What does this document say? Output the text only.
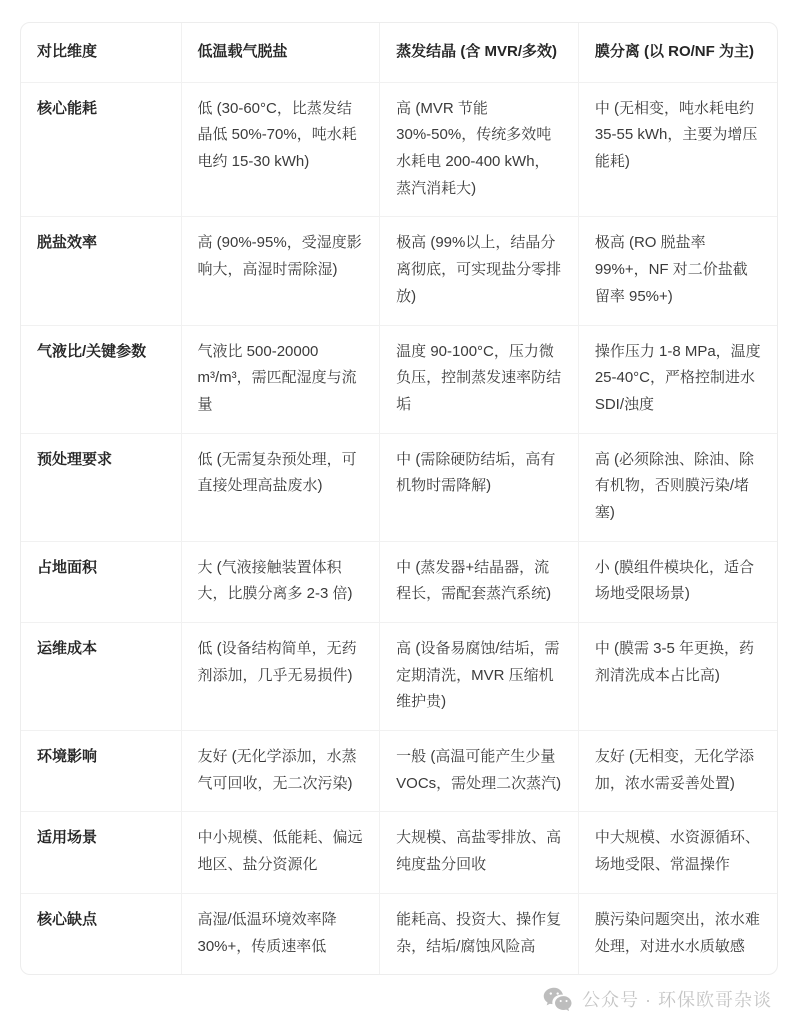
对比维度	低温载气脱盐	蒸发结晶 (含 MVR/多效)	膜分离 (以 RO/NF 为主)
核心能耗	低 (30-60°C，比蒸发结晶低 50%-70%，吨水耗电约 15-30 kWh)	高 (MVR 节能 30%-50%，传统多效吨水耗电 200-400 kWh，蒸汽消耗大)	中 (无相变，吨水耗电约 35-55 kWh，主要为增压能耗)
脱盐效率	高 (90%-95%，受湿度影响大，高湿时需除湿)	极高 (99%以上，结晶分离彻底，可实现盐分零排放)	极高 (RO 脱盐率 99%+，NF 对二价盐截留率 95%+)
气液比/关键参数	气液比 500-20000 m³/m³，需匹配湿度与流量	温度 90-100°C，压力微负压，控制蒸发速率防结垢	操作压力 1-8 MPa，温度 25-40°C，严格控制进水 SDI/浊度
预处理要求	低 (无需复杂预处理，可直接处理高盐废水)	中 (需除硬防结垢，高有机物时需降解)	高 (必须除浊、除油、除有机物，否则膜污染/堵塞)
占地面积	大 (气液接触装置体积大，比膜分离多 2-3 倍)	中 (蒸发器+结晶器，流程长，需配套蒸汽系统)	小 (膜组件模块化，适合场地受限场景)
运维成本	低 (设备结构简单，无药剂添加，几乎无易损件)	高 (设备易腐蚀/结垢，需定期清洗，MVR 压缩机维护贵)	中 (膜需 3-5 年更换，药剂清洗成本占比高)
环境影响	友好 (无化学添加，水蒸气可回收，无二次污染)	一般 (高温可能产生少量 VOCs，需处理二次蒸汽)	友好 (无相变，无化学添加，浓水需妥善处置)
适用场景	中小规模、低能耗、偏远地区、盐分资源化	大规模、高盐零排放、高纯度盐分回收	中大规模、水资源循环、场地受限、常温操作
核心缺点	高湿/低温环境效率降 30%+，传质速率低	能耗高、投资大、操作复杂，结垢/腐蚀风险高	膜污染问题突出，浓水难处理，对进水水质敏感
公众号 · 环保欧哥杂谈
